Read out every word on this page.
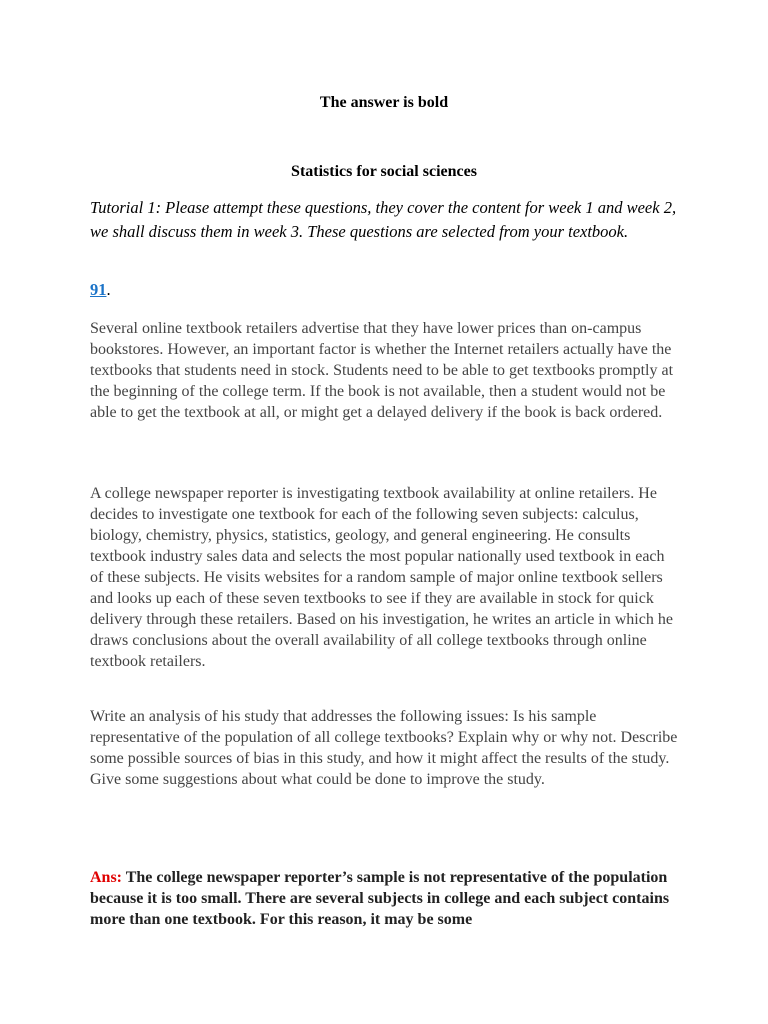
The answer is bold
Statistics for social sciences
Tutorial 1: Please attempt these questions, they cover the content for week 1 and week 2, we shall discuss them in week 3. These questions are selected from your textbook.
91.
Several online textbook retailers advertise that they have lower prices than on-campus bookstores. However, an important factor is whether the Internet retailers actually have the textbooks that students need in stock. Students need to be able to get textbooks promptly at the beginning of the college term. If the book is not available, then a student would not be able to get the textbook at all, or might get a delayed delivery if the book is back ordered.
A college newspaper reporter is investigating textbook availability at online retailers. He decides to investigate one textbook for each of the following seven subjects: calculus, biology, chemistry, physics, statistics, geology, and general engineering. He consults textbook industry sales data and selects the most popular nationally used textbook in each of these subjects. He visits websites for a random sample of major online textbook sellers and looks up each of these seven textbooks to see if they are available in stock for quick delivery through these retailers. Based on his investigation, he writes an article in which he draws conclusions about the overall availability of all college textbooks through online textbook retailers.
Write an analysis of his study that addresses the following issues: Is his sample representative of the population of all college textbooks? Explain why or why not. Describe some possible sources of bias in this study, and how it might affect the results of the study. Give some suggestions about what could be done to improve the study.
Ans: The college newspaper reporter’s sample is not representative of the population because it is too small. There are several subjects in college and each subject contains more than one textbook. For this reason, it may be some
